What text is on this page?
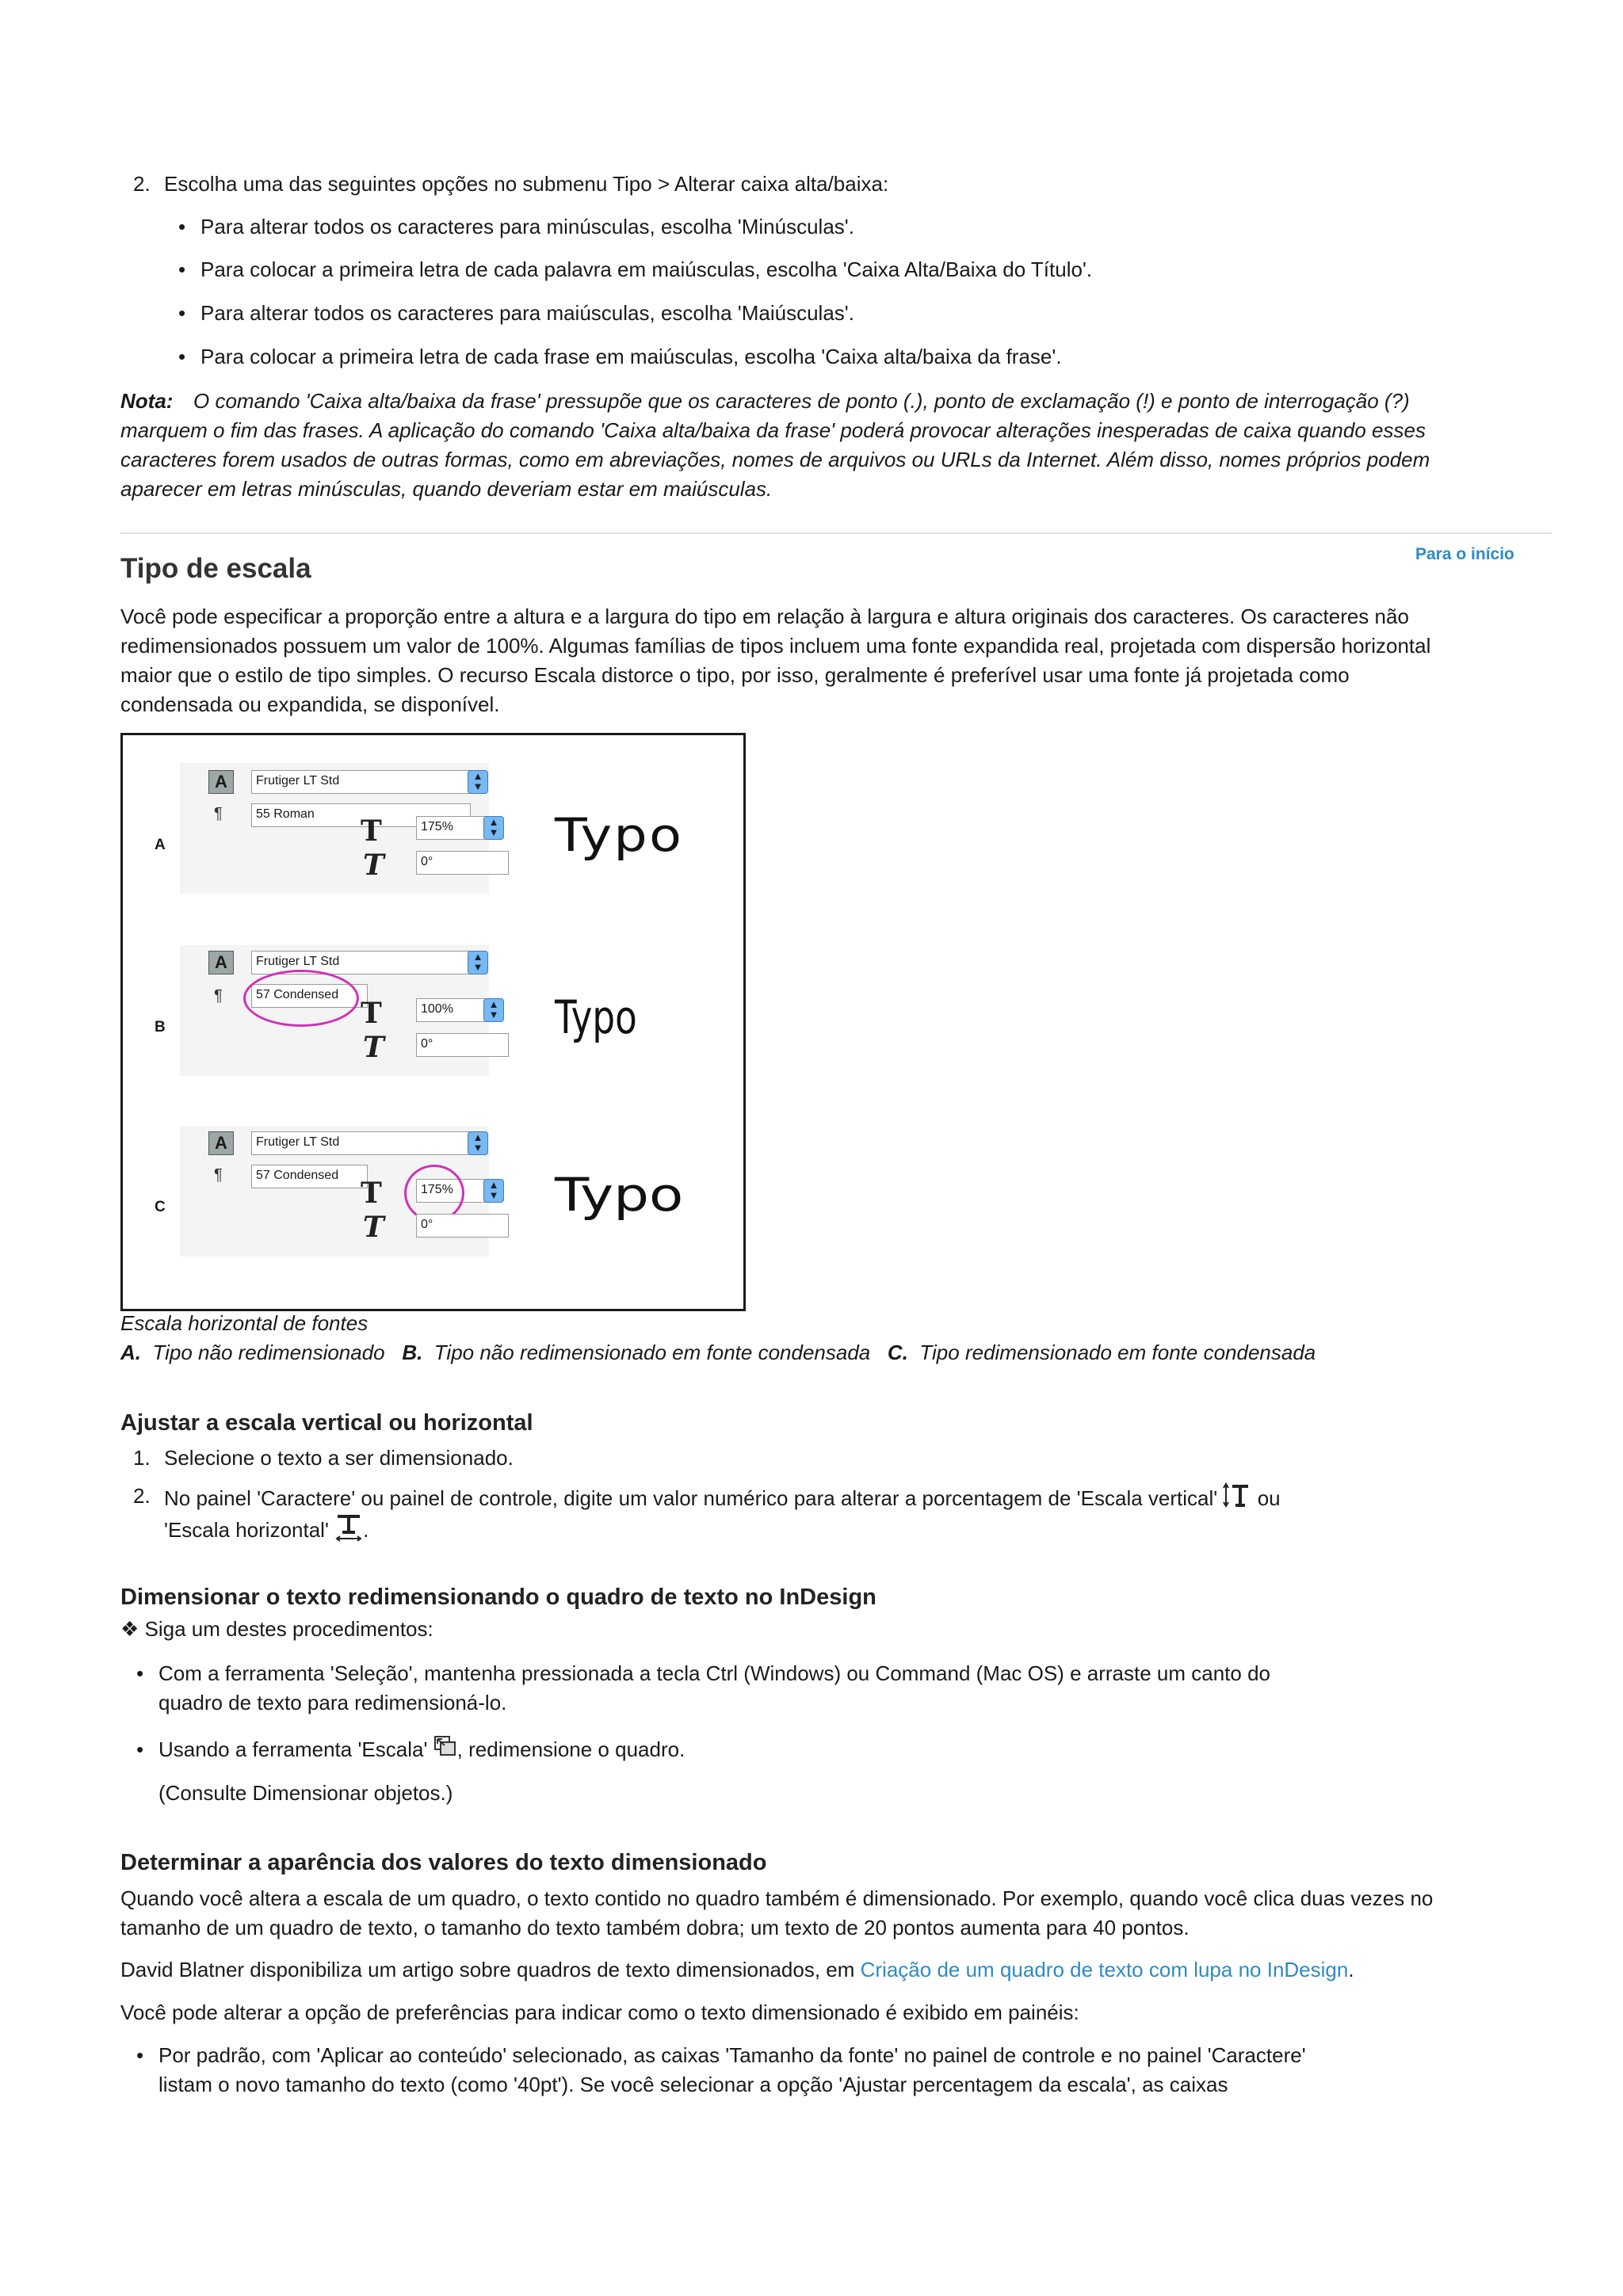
2. Escolha uma das seguintes opções no submenu Tipo > Alterar caixa alta/baixa:
• Para alterar todos os caracteres para minúsculas, escolha 'Minúsculas'.
• Para colocar a primeira letra de cada palavra em maiúsculas, escolha 'Caixa Alta/Baixa do Título'.
• Para alterar todos os caracteres para maiúsculas, escolha 'Maiúsculas'.
• Para colocar a primeira letra de cada frase em maiúsculas, escolha 'Caixa alta/baixa da frase'.
Nota: O comando 'Caixa alta/baixa da frase' pressupõe que os caracteres de ponto (.), ponto de exclamação (!) e ponto de interrogação (?)
marquem o fim das frases. A aplicação do comando 'Caixa alta/baixa da frase' poderá provocar alterações inesperadas de caixa quando esses
caracteres forem usados de outras formas, como em abreviações, nomes de arquivos ou URLs da Internet. Além disso, nomes próprios podem
aparecer em letras minúsculas, quando deveriam estar em maiúsculas.
Para o início
Tipo de escala
Você pode especificar a proporção entre a altura e a largura do tipo em relação à largura e altura originais dos caracteres. Os caracteres não
redimensionados possuem um valor de 100%. Algumas famílias de tipos incluem uma fonte expandida real, projetada com dispersão horizontal
maior que o estilo de tipo simples. O recurso Escala distorce o tipo, por isso, geralmente é preferível usar uma fonte já projetada como
condensada ou expandida, se disponível.
A
A	Frutiger LT Std	▲
▼
¶	55 Roman
T	175%	▲
▼
T	0°	Typo
B
A	Frutiger LT Std	▲
▼
¶	57 Condensed
T	100%	▲
▼
T	0°	Typo
C
A	Frutiger LT Std	▲
▼
¶	57 Condensed
T	175%	▲
▼
T	0°
Typo
Escala horizontal de fontes
A. Tipo não redimensionado B. Tipo não redimensionado em fonte condensada C. Tipo redimensionado em fonte condensada
Ajustar a escala vertical ou horizontal
1. Selecione o texto a ser dimensionado.
2. No painel 'Caractere' ou painel de controle, digite um valor numérico para alterar a porcentagem de 'Escala vertical' ou
'Escala horizontal' .
Dimensionar o texto redimensionando o quadro de texto no InDesign
❖ Siga um destes procedimentos:
• Com a ferramenta 'Seleção', mantenha pressionada a tecla Ctrl (Windows) ou Command (Mac OS) e arraste um canto do
quadro de texto para redimensioná-lo.
• Usando a ferramenta 'Escala' , redimensione o quadro.
(Consulte Dimensionar objetos.)
Determinar a aparência dos valores do texto dimensionado
Quando você altera a escala de um quadro, o texto contido no quadro também é dimensionado. Por exemplo, quando você clica duas vezes no
tamanho de um quadro de texto, o tamanho do texto também dobra; um texto de 20 pontos aumenta para 40 pontos.
David Blatner disponibiliza um artigo sobre quadros de texto dimensionados, em Criação de um quadro de texto com lupa no InDesign.
Você pode alterar a opção de preferências para indicar como o texto dimensionado é exibido em painéis:
• Por padrão, com 'Aplicar ao conteúdo' selecionado, as caixas 'Tamanho da fonte' no painel de controle e no painel 'Caractere'
listam o novo tamanho do texto (como '40pt'). Se você selecionar a opção 'Ajustar percentagem da escala', as caixas
